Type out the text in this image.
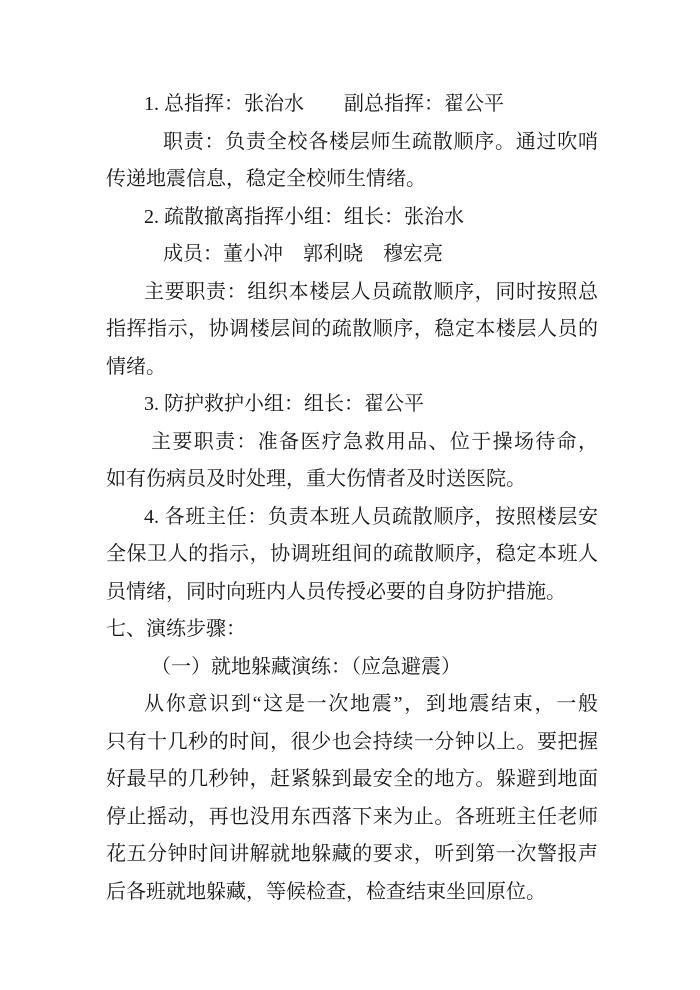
1. 总指挥：张治水　　副总指挥：翟公平
职责：负责全校各楼层师生疏散顺序。通过吹哨
传递地震信息，稳定全校师生情绪。
2. 疏散撤离指挥小组：组长：张治水
成员：董小冲　郭利晓　穆宏亮
主要职责：组织本楼层人员疏散顺序，同时按照总
指挥指示，协调楼层间的疏散顺序，稳定本楼层人员的
情绪。
3. 防护救护小组：组长：翟公平
主要职责：准备医疗急救用品、位于操场待命，
如有伤病员及时处理，重大伤情者及时送医院。
4. 各班主任：负责本班人员疏散顺序，按照楼层安
全保卫人的指示，协调班组间的疏散顺序，稳定本班人
员情绪，同时向班内人员传授必要的自身防护措施。
七、演练步骤：
（一）就地躲藏演练：（应急避震）
从你意识到“这是一次地震”，到地震结束，一般
只有十几秒的时间，很少也会持续一分钟以上。要把握
好最早的几秒钟，赶紧躲到最安全的地方。躲避到地面
停止摇动，再也没用东西落下来为止。各班班主任老师
花五分钟时间讲解就地躲藏的要求，听到第一次警报声
后各班就地躲藏，等候检查，检查结束坐回原位。
